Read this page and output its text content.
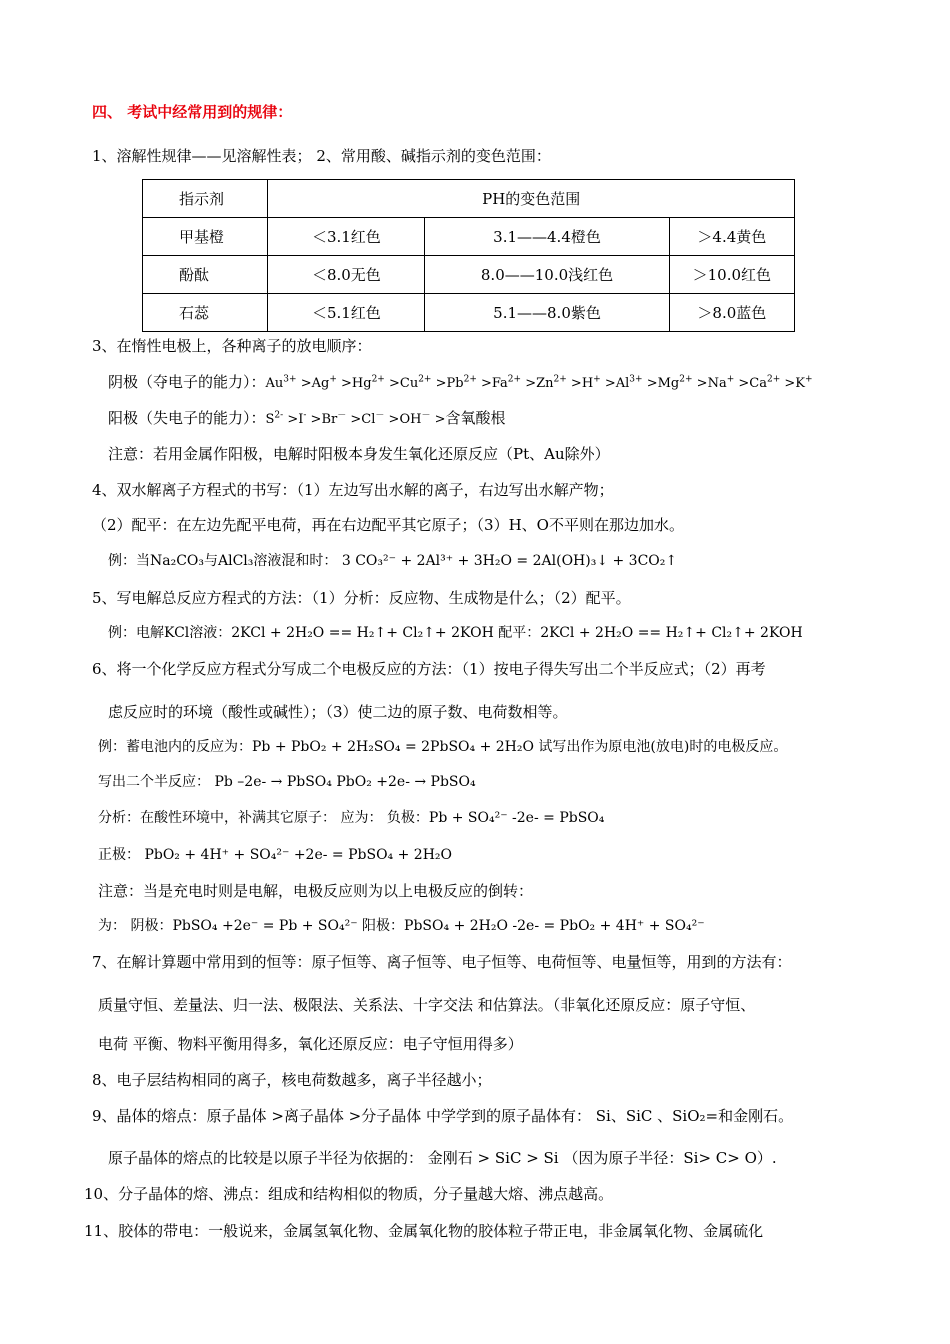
四、 考试中经常用到的规律：
1、溶解性规律——见溶解性表； 2、常用酸、碱指示剂的变色范围：
指示剂	PH的变色范围		
甲基橙	＜3.1红色	3.1——4.4橙色	＞4.4黄色
酚酞	＜8.0无色	8.0——10.0浅红色	＞10.0红色
石蕊	＜5.1红色	5.1——8.0紫色	＞8.0蓝色
3、在惰性电极上，各种离子的放电顺序：
阴极（夺电子的能力）：$Au^{3+} >Ag^+ >Hg^{2+} >Cu^{2+} >Pb^{2+} >Fa^{2+} >Zn^{2+} >H^+ >Al^{3+} >Mg^{2+} >Na^+ >Ca^{2+} >K^+$
阳极（失电子的能力）：$S^{2-} >I^- >Br^- >Cl^- >OH^-$ >含氧酸根
注意：若用金属作阳极，电解时阳极本身发生氧化还原反应（Pt、Au除外）
4、双水解离子方程式的书写：（1）左边写出水解的离子，右边写出水解产物；
（2）配平：在左边先配平电荷，再在右边配平其它原子；（3）H、O不平则在那边加水。
例：当Na₂CO₃与AlCl₃溶液混和时： 3 CO₃²⁻ + 2Al³⁺ + 3H₂O = 2Al(OH)₃↓ + 3CO₂↑
5、写电解总反应方程式的方法：（1）分析：反应物、生成物是什么；（2）配平。
例：电解KCl溶液：2KCl + 2H₂O == H₂↑+ Cl₂↑+ 2KOH 配平：2KCl + 2H₂O == H₂↑+ Cl₂↑+ 2KOH
6、将一个化学反应方程式分写成二个电极反应的方法：（1）按电子得失写出二个半反应式；（2）再考
虑反应时的环境（酸性或碱性）；（3）使二边的原子数、电荷数相等。
例：蓄电池内的反应为：Pb + PbO₂ + 2H₂SO₄ = 2PbSO₄ + 2H₂O 试写出作为原电池(放电)时的电极反应。
写出二个半反应： Pb –2e- → PbSO₄ PbO₂ +2e- → PbSO₄
分析：在酸性环境中，补满其它原子： 应为： 负极：Pb + SO₄²⁻ -2e- = PbSO₄
正极： PbO₂ + 4H⁺ + SO₄²⁻ +2e- = PbSO₄ + 2H₂O
注意：当是充电时则是电解，电极反应则为以上电极反应的倒转：
为： 阴极：PbSO₄ +2e⁻ = Pb + SO₄²⁻ 阳极：PbSO₄ + 2H₂O -2e- = PbO₂ + 4H⁺ + SO₄²⁻
7、在解计算题中常用到的恒等：原子恒等、离子恒等、电子恒等、电荷恒等、电量恒等，用到的方法有：
质量守恒、差量法、归一法、极限法、关系法、十字交法 和估算法。（非氧化还原反应：原子守恒、
电荷 平衡、物料平衡用得多，氧化还原反应：电子守恒用得多）
8、电子层结构相同的离子，核电荷数越多，离子半径越小；
9、晶体的熔点：原子晶体 >离子晶体 >分子晶体 中学学到的原子晶体有： Si、SiC 、SiO₂=和金刚石。
原子晶体的熔点的比较是以原子半径为依据的： 金刚石 > SiC > Si （因为原子半径：Si> C> O）.
10、分子晶体的熔、沸点：组成和结构相似的物质，分子量越大熔、沸点越高。
11、胶体的带电：一般说来，金属氢氧化物、金属氧化物的胶体粒子带正电，非金属氧化物、金属硫化
